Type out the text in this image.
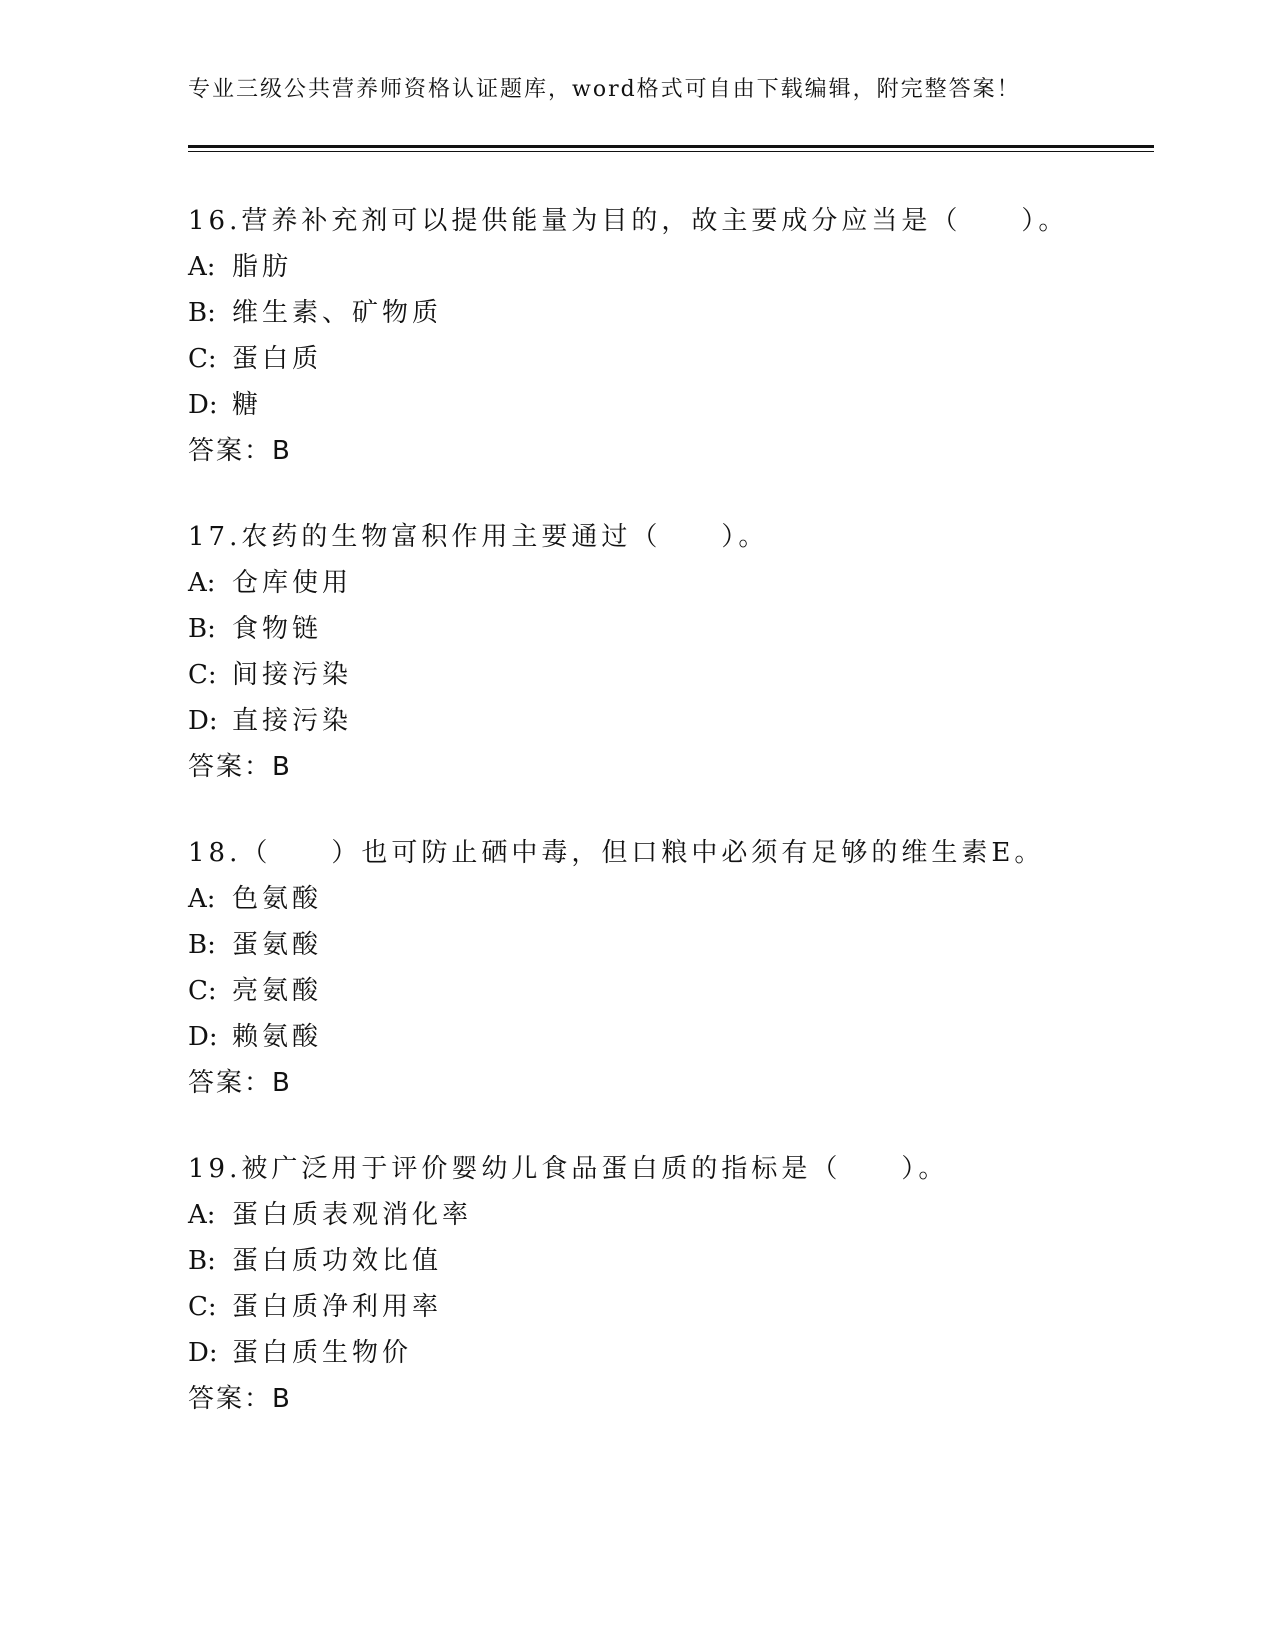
专业三级公共营养师资格认证题库，word格式可自由下载编辑，附完整答案！
16.营养补充剂可以提供能量为目的，故主要成分应当是（　　）。
A: 脂肪
B: 维生素、矿物质
C: 蛋白质
D: 糖
答案：B
17.农药的生物富积作用主要通过（　　）。
A: 仓库使用
B: 食物链
C: 间接污染
D: 直接污染
答案：B
18.（　　）也可防止硒中毒，但口粮中必须有足够的维生素E。
A: 色氨酸
B: 蛋氨酸
C: 亮氨酸
D: 赖氨酸
答案：B
19.被广泛用于评价婴幼儿食品蛋白质的指标是（　　）。
A: 蛋白质表观消化率
B: 蛋白质功效比值
C: 蛋白质净利用率
D: 蛋白质生物价
答案：B
